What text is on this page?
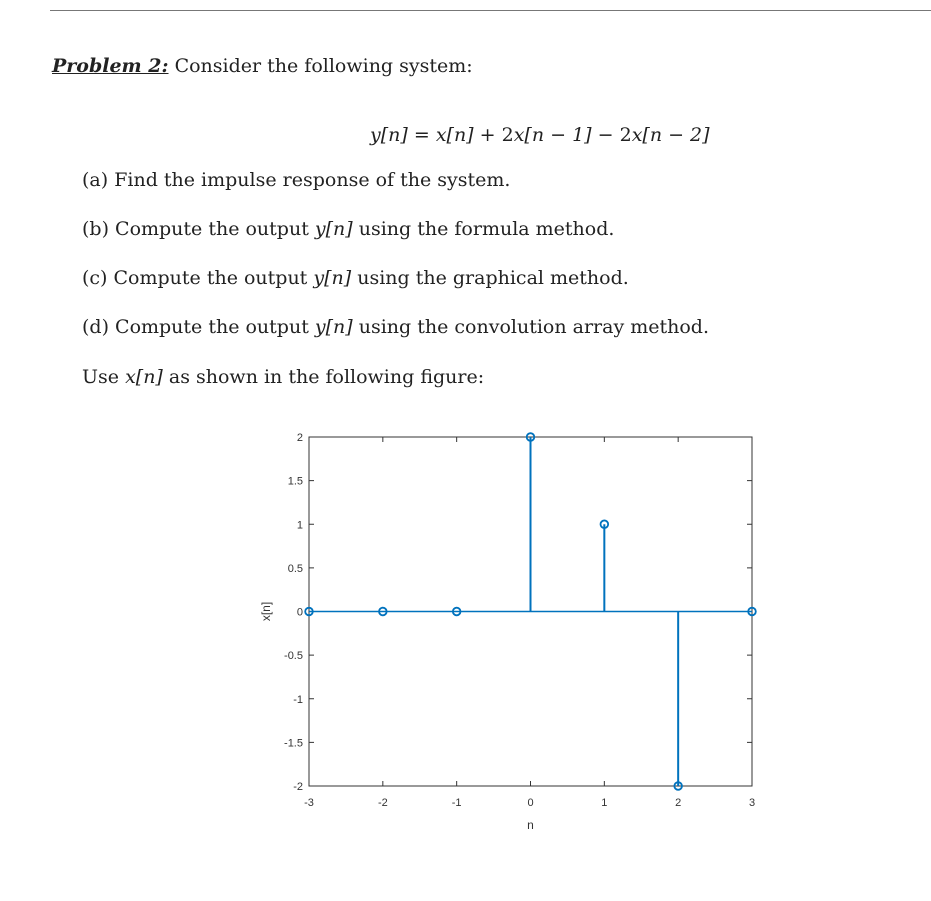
Problem 2: Consider the following system:
y[n] = x[n] + 2x[n − 1] − 2x[n − 2]
(a) Find the impulse response of the system.
(b) Compute the output y[n] using the formula method.
(c) Compute the output y[n] using the graphical method.
(d) Compute the output y[n] using the convolution array method.
Use x[n] as shown in the following figure:
-3	-2	-1	0	1	2	3
2
1.5
1
0.5
0
-0.5
-1
-1.5
-2
n
x[n]
